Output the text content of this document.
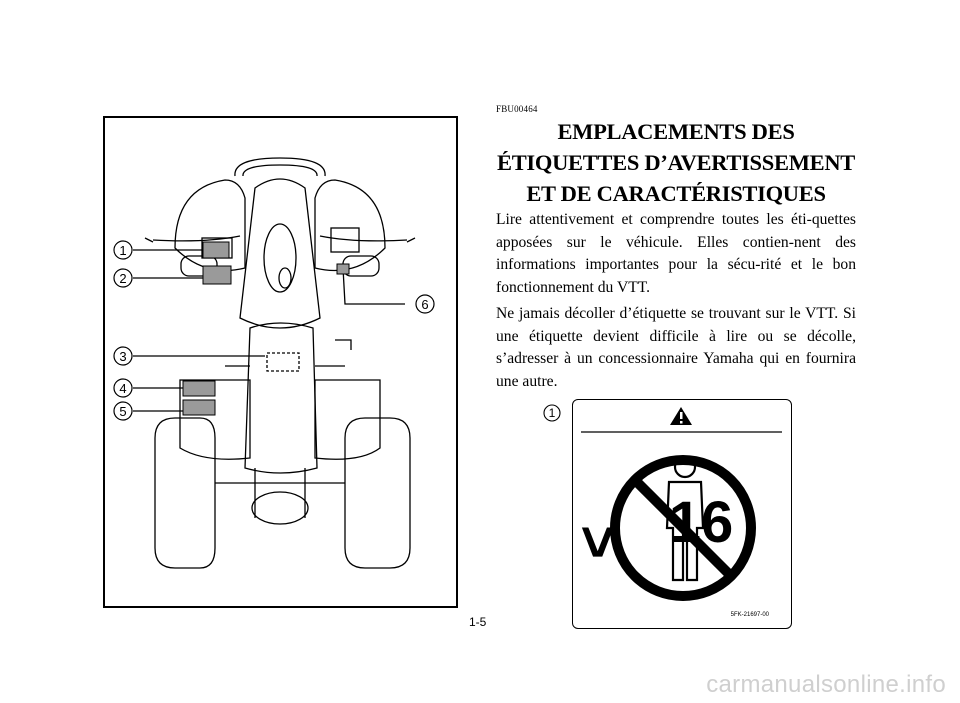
1
2
3
4
5
6
FBU00464
EMPLACEMENTS DES
ÉTIQUETTES D’AVERTISSEMENT
ET DE CARACTÉRISTIQUES

Lire attentivement et comprendre toutes les éti-quettes apposées sur le véhicule. Elles contien-nent des informations importantes pour la sécu-rité et le bon fonctionnement du VTT.

Ne jamais décoller d’étiquette se trouvant sur le VTT. Si une étiquette devient difficile à lire ou se décolle, s’adresser à un concessionnaire Yamaha qui en fournira une autre.

1
< 16
5FK-21697-00
1-5
carmanualsonline.info
